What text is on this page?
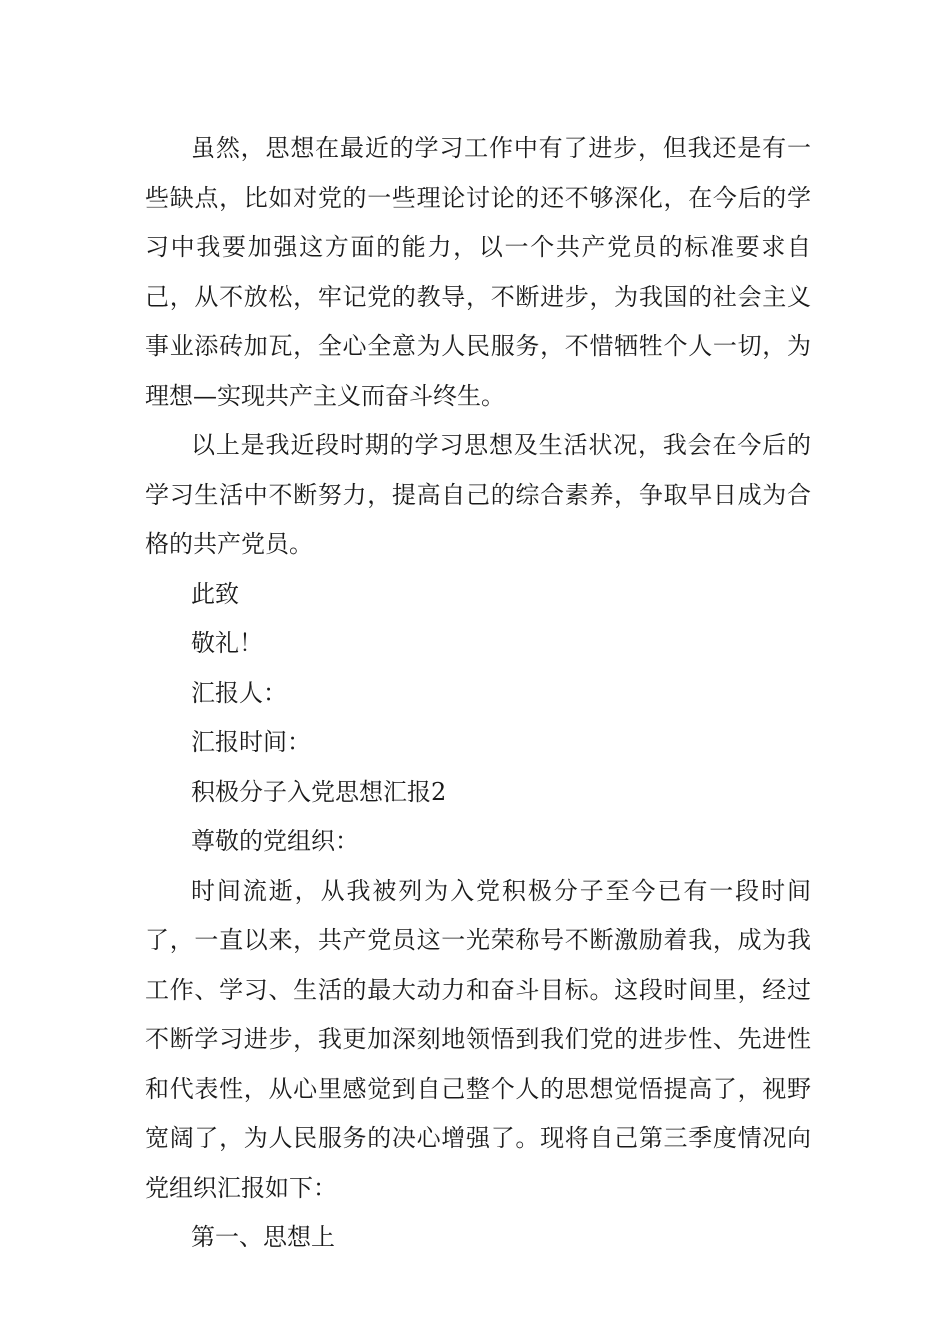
虽然，思想在最近的学习工作中有了进步，但我还是有一些缺点，比如对党的一些理论讨论的还不够深化，在今后的学习中我要加强这方面的能力，以一个共产党员的标准要求自己，从不放松，牢记党的教导，不断进步，为我国的社会主义事业添砖加瓦，全心全意为人民服务，不惜牺牲个人一切，为理想—实现共产主义而奋斗终生。

以上是我近段时期的学习思想及生活状况，我会在今后的学习生活中不断努力，提高自己的综合素养，争取早日成为合格的共产党员。

此致

敬礼！

汇报人：

汇报时间：

积极分子入党思想汇报2

尊敬的党组织：

时间流逝，从我被列为入党积极分子至今已有一段时间了，一直以来，共产党员这一光荣称号不断激励着我，成为我工作、学习、生活的最大动力和奋斗目标。这段时间里，经过不断学习进步，我更加深刻地领悟到我们党的进步性、先进性和代表性，从心里感觉到自己整个人的思想觉悟提高了，视野宽阔了，为人民服务的决心增强了。现将自己第三季度情况向党组织汇报如下：

第一、思想上
